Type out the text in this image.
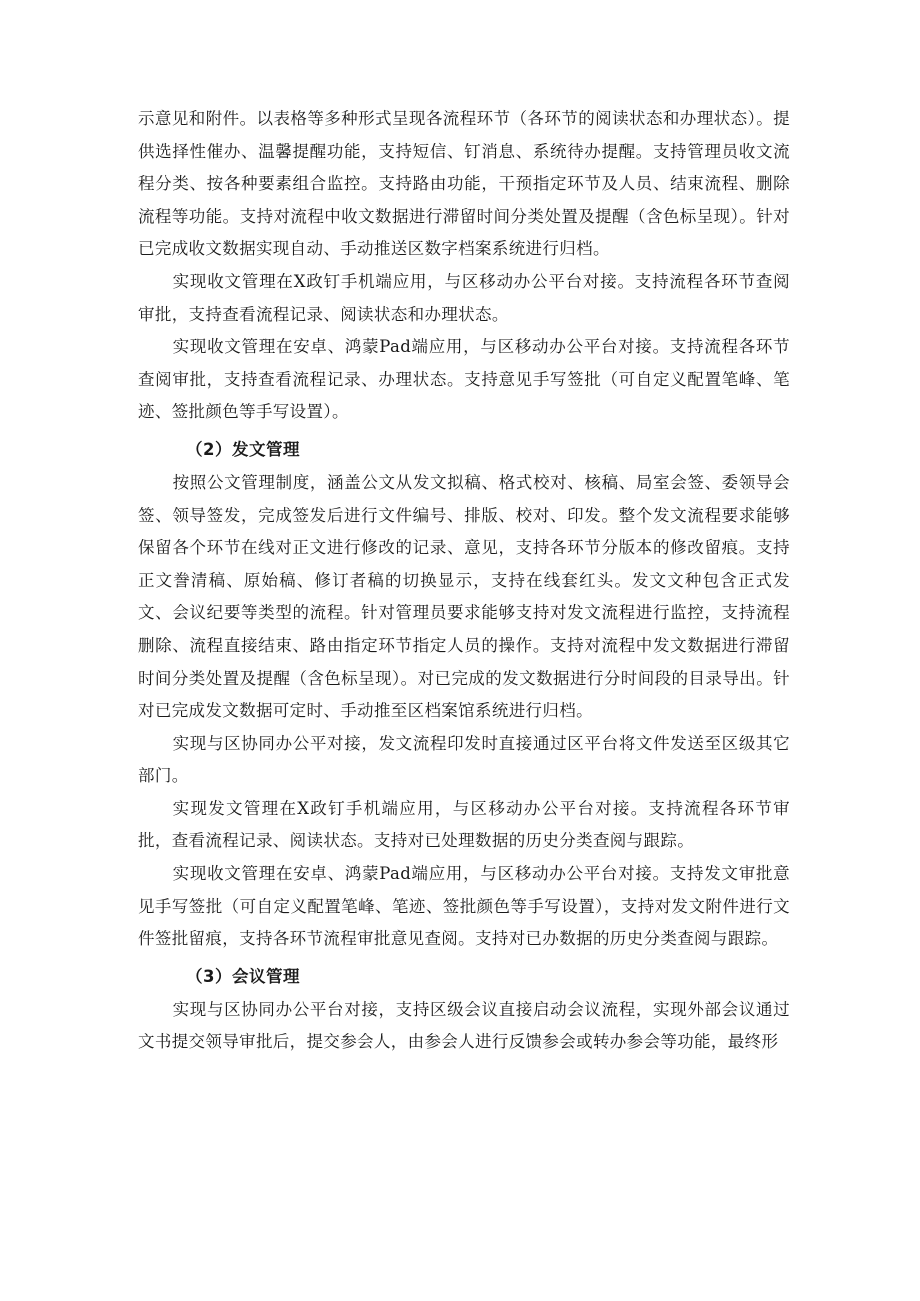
示意见和附件。以表格等多种形式呈现各流程环节（各环节的阅读状态和办理状态）。提供选择性催办、温馨提醒功能，支持短信、钉消息、系统待办提醒。支持管理员收文流程分类、按各种要素组合监控。支持路由功能，干预指定环节及人员、结束流程、删除流程等功能。支持对流程中收文数据进行滞留时间分类处置及提醒（含色标呈现）。针对已完成收文数据实现自动、手动推送区数字档案系统进行归档。

实现收文管理在X政钉手机端应用，与区移动办公平台对接。支持流程各环节查阅审批，支持查看流程记录、阅读状态和办理状态。

实现收文管理在安卓、鸿蒙Pad端应用，与区移动办公平台对接。支持流程各环节查阅审批，支持查看流程记录、办理状态。支持意见手写签批（可自定义配置笔峰、笔迹、签批颜色等手写设置）。

（2）发文管理

按照公文管理制度，涵盖公文从发文拟稿、格式校对、核稿、局室会签、委领导会签、领导签发，完成签发后进行文件编号、排版、校对、印发。整个发文流程要求能够保留各个环节在线对正文进行修改的记录、意见，支持各环节分版本的修改留痕。支持正文誊清稿、原始稿、修订者稿的切换显示，支持在线套红头。发文文种包含正式发文、会议纪要等类型的流程。针对管理员要求能够支持对发文流程进行监控，支持流程删除、流程直接结束、路由指定环节指定人员的操作。支持对流程中发文数据进行滞留时间分类处置及提醒（含色标呈现）。对已完成的发文数据进行分时间段的目录导出。针对已完成发文数据可定时、手动推至区档案馆系统进行归档。

实现与区协同办公平对接，发文流程印发时直接通过区平台将文件发送至区级其它部门。

实现发文管理在X政钉手机端应用，与区移动办公平台对接。支持流程各环节审批，查看流程记录、阅读状态。支持对已处理数据的历史分类查阅与跟踪。

实现收文管理在安卓、鸿蒙Pad端应用，与区移动办公平台对接。支持发文审批意见手写签批（可自定义配置笔峰、笔迹、签批颜色等手写设置），支持对发文附件进行文件签批留痕，支持各环节流程审批意见查阅。支持对已办数据的历史分类查阅与跟踪。

（3）会议管理

实现与区协同办公平台对接，支持区级会议直接启动会议流程，实现外部会议通过文书提交领导审批后，提交参会人，由参会人进行反馈参会或转办参会等功能，最终形
